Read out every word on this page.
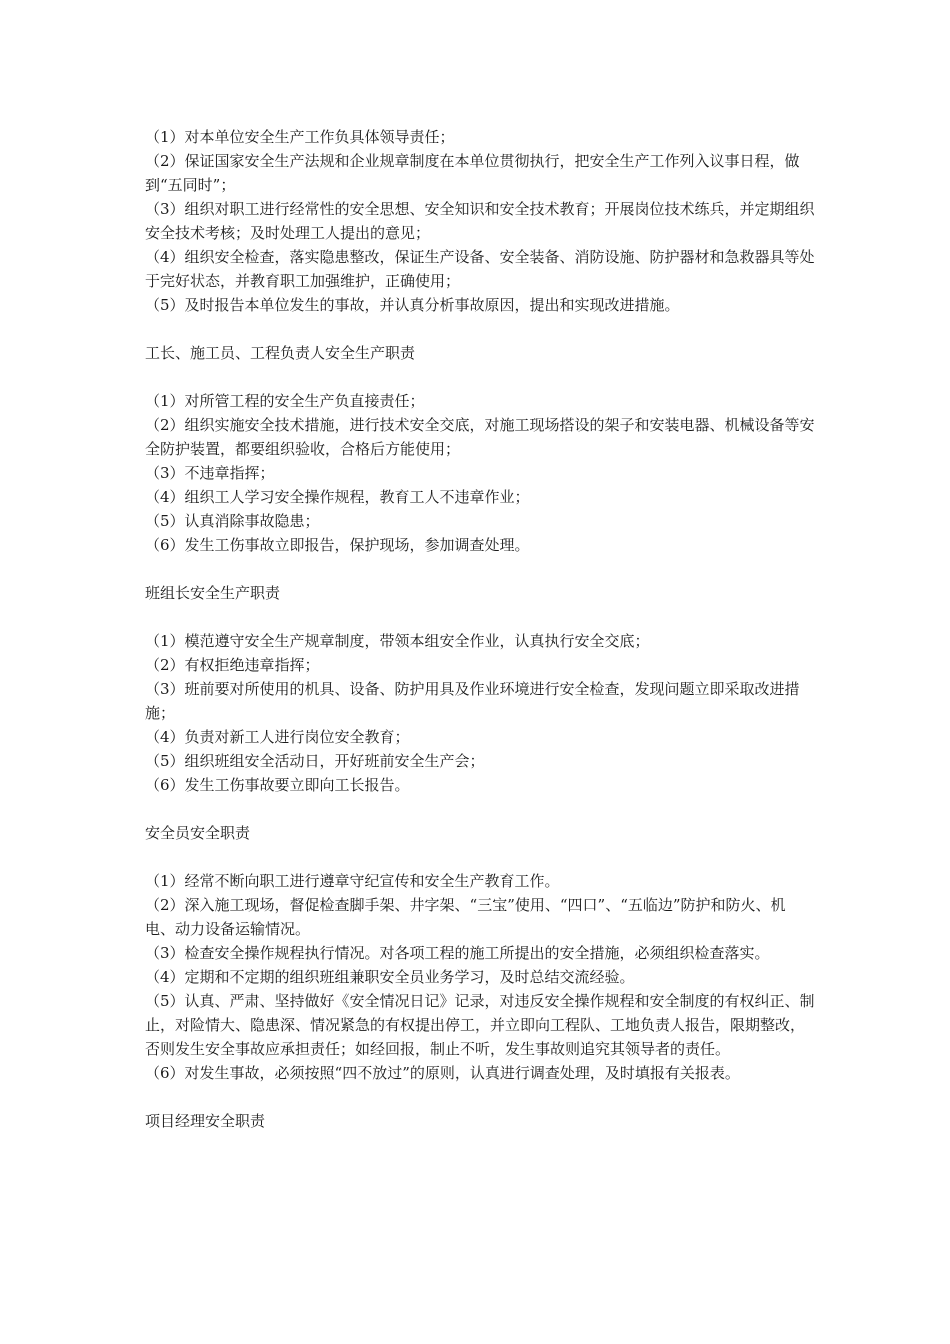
（1）对本单位安全生产工作负具体领导责任；

（2）保证国家安全生产法规和企业规章制度在本单位贯彻执行，把安全生产工作列入议事日程，做到“五同时”；

（3）组织对职工进行经常性的安全思想、安全知识和安全技术教育；开展岗位技术练兵，并定期组织安全技术考核；及时处理工人提出的意见；

（4）组织安全检查，落实隐患整改，保证生产设备、安全装备、消防设施、防护器材和急救器具等处于完好状态，并教育职工加强维护，正确使用；

（5）及时报告本单位发生的事故，并认真分析事故原因，提出和实现改进措施。

工长、施工员、工程负责人安全生产职责

（1）对所管工程的安全生产负直接责任；

（2）组织实施安全技术措施，进行技术安全交底，对施工现场搭设的架子和安装电器、机械设备等安全防护装置，都要组织验收，合格后方能使用；

（3）不违章指挥；

（4）组织工人学习安全操作规程，教育工人不违章作业；

（5）认真消除事故隐患；

（6）发生工伤事故立即报告，保护现场，参加调查处理。

班组长安全生产职责

（1）模范遵守安全生产规章制度，带领本组安全作业，认真执行安全交底；

（2）有权拒绝违章指挥；

（3）班前要对所使用的机具、设备、防护用具及作业环境进行安全检查，发现问题立即采取改进措施；

（4）负责对新工人进行岗位安全教育；

（5）组织班组安全活动日，开好班前安全生产会；

（6）发生工伤事故要立即向工长报告。

安全员安全职责

（1）经常不断向职工进行遵章守纪宣传和安全生产教育工作。

（2）深入施工现场，督促检查脚手架、井字架、“三宝”使用、“四口”、“五临边”防护和防火、机电、动力设备运输情况。

（3）检查安全操作规程执行情况。对各项工程的施工所提出的安全措施，必须组织检查落实。

（4）定期和不定期的组织班组兼职安全员业务学习，及时总结交流经验。

（5）认真、严肃、坚持做好《安全情况日记》记录，对违反安全操作规程和安全制度的有权纠正、制止，对险情大、隐患深、情况紧急的有权提出停工，并立即向工程队、工地负责人报告，限期整改，否则发生安全事故应承担责任；如经回报，制止不听，发生事故则追究其领导者的责任。

（6）对发生事故，必须按照“四不放过”的原则，认真进行调查处理，及时填报有关报表。

项目经理安全职责
